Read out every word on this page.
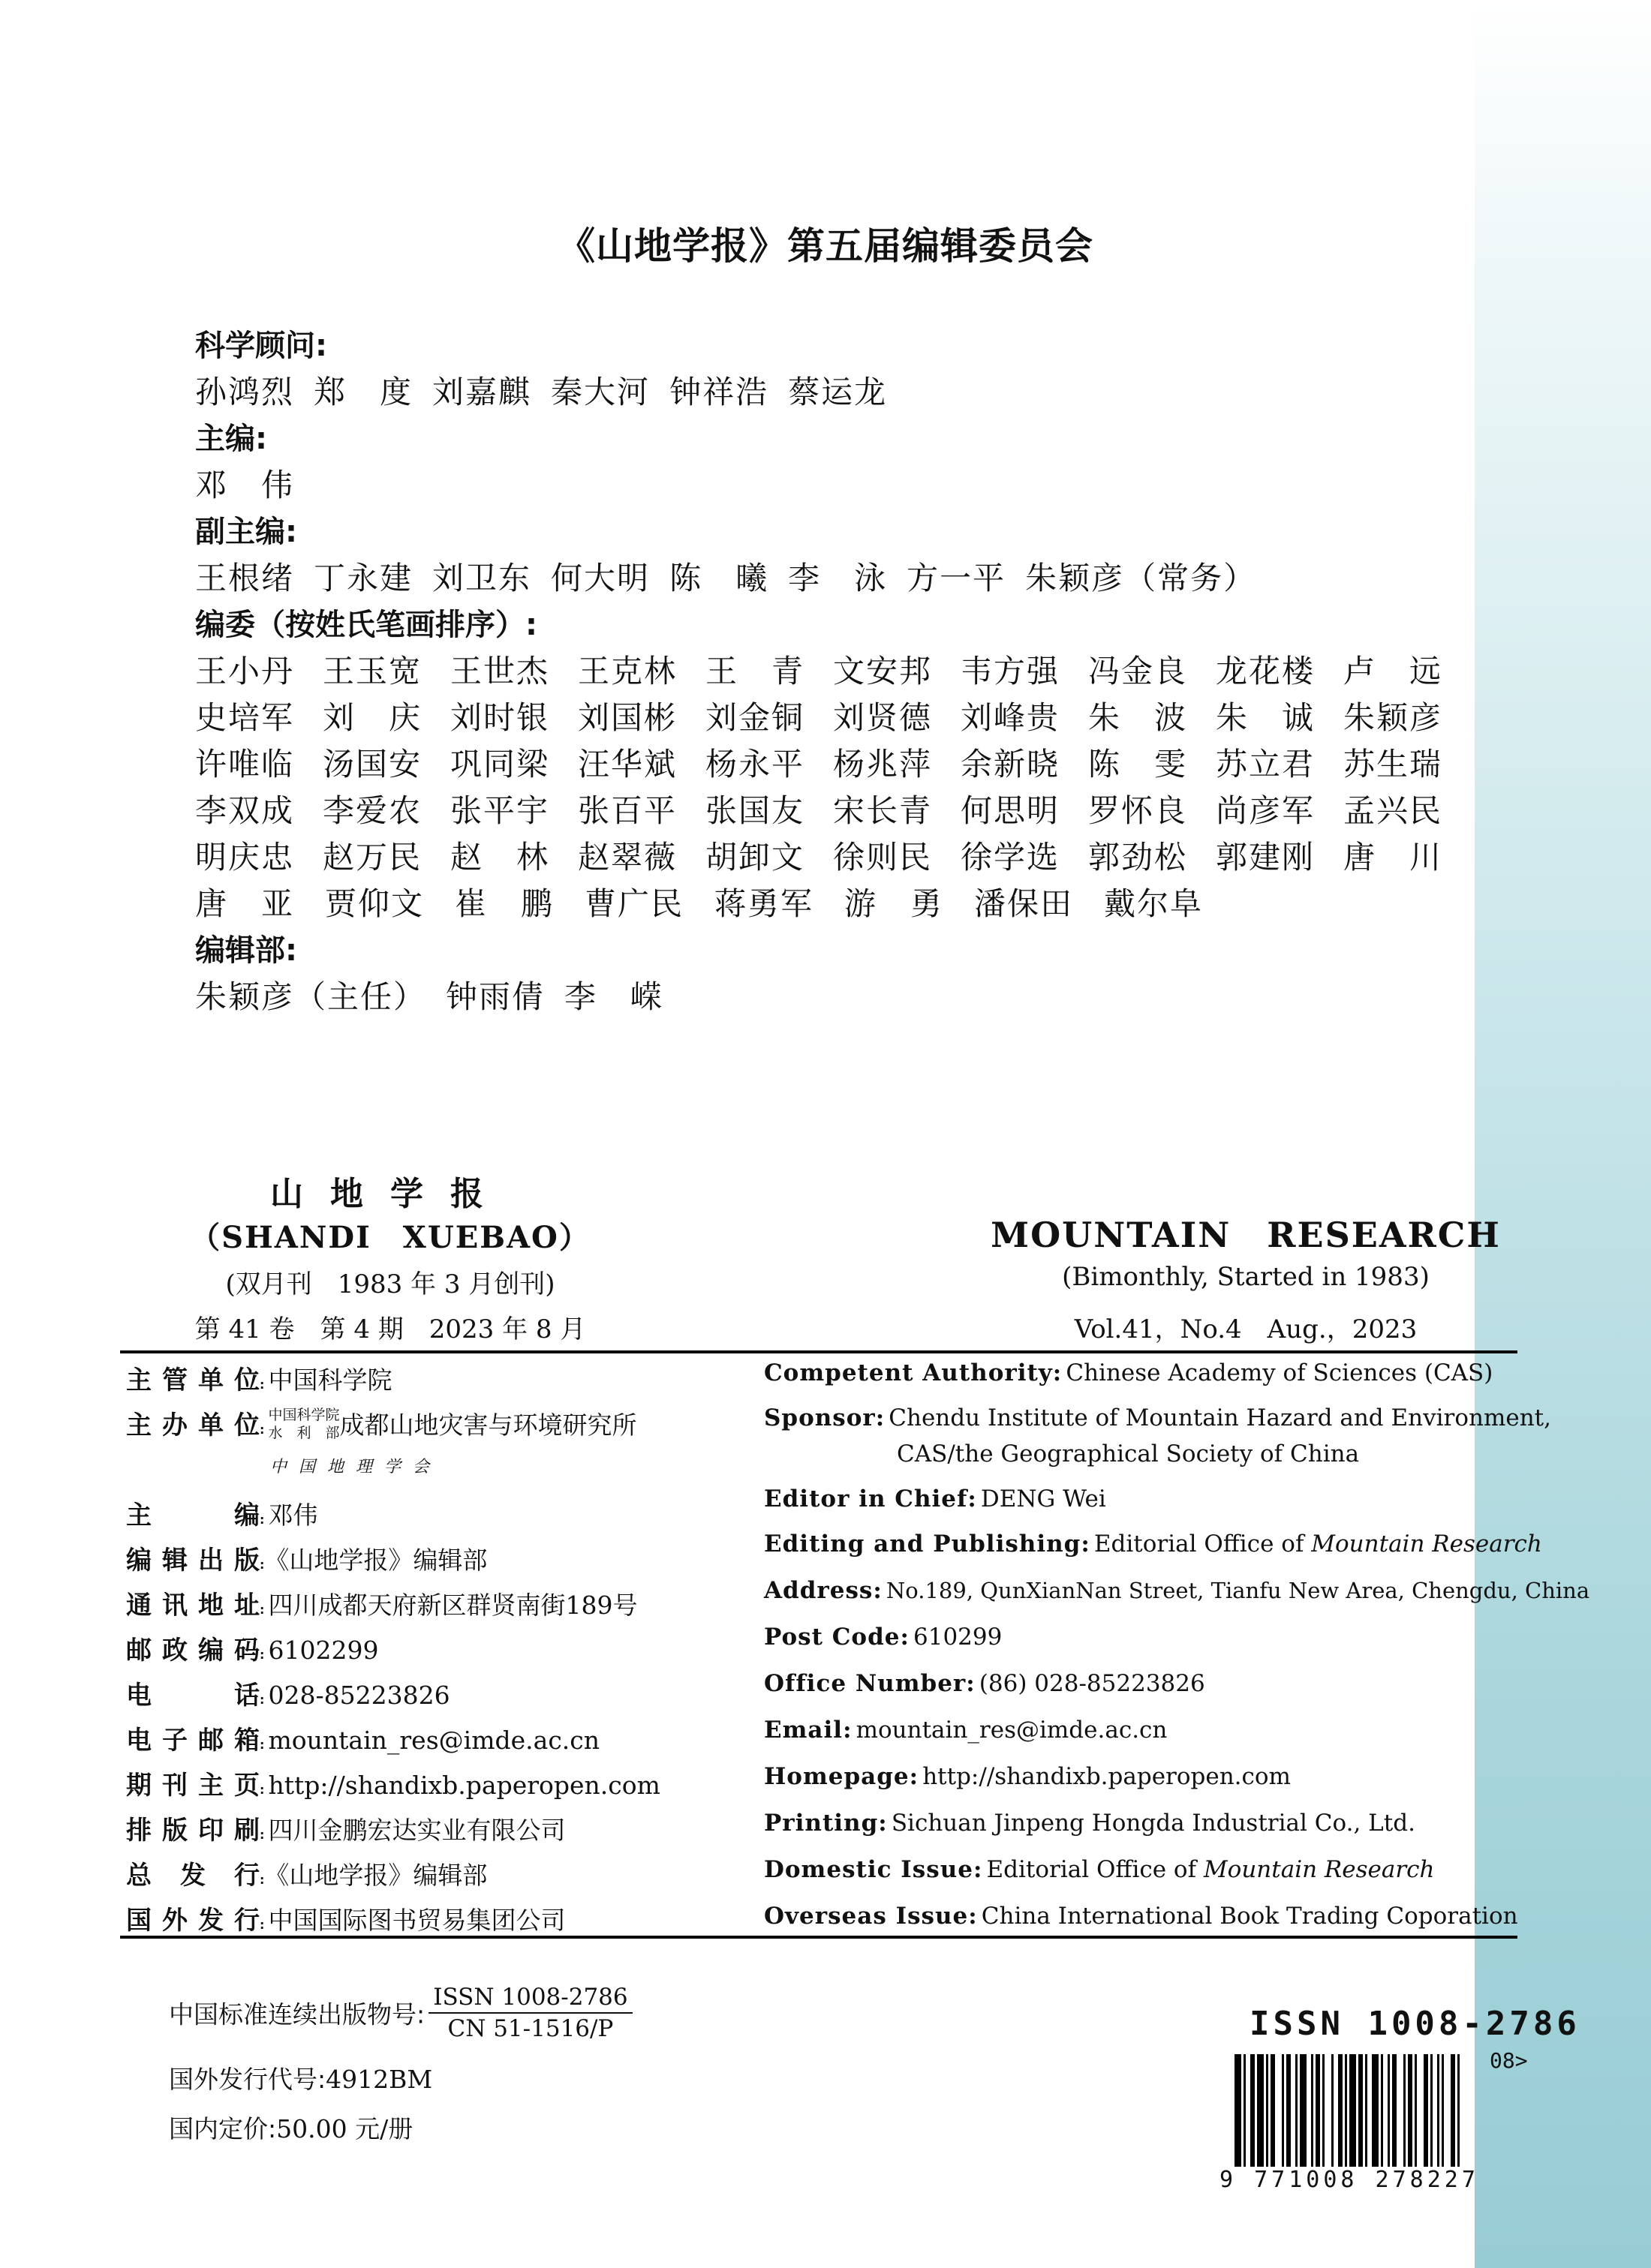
《山地学报》第五届编辑委员会
科学顾问:
孙鸿烈 郑　度 刘嘉麒 秦大河 钟祥浩 蔡运龙
主编:
邓　伟
副主编:
王根绪 丁永建 刘卫东 何大明 陈　曦 李　泳 方一平 朱颖彦（常务）
编委（按姓氏笔画排序）:
王小丹 王玉宽 王世杰 王克林 王　青 文安邦 韦方强 冯金良 龙花楼 卢　远
史培军 刘　庆 刘时银 刘国彬 刘金铜 刘贤德 刘峰贵 朱　波 朱　诚 朱颖彦
许唯临 汤国安 巩同梁 汪华斌 杨永平 杨兆萍 余新晓 陈　雯 苏立君 苏生瑞
李双成 李爱农 张平宇 张百平 张国友 宋长青 何思明 罗怀良 尚彦军 孟兴民
明庆忠 赵万民 赵　林 赵翠薇 胡卸文 徐则民 徐学选 郭劲松 郭建刚 唐　川
唐　亚 贾仰文 崔　鹏 曹广民 蒋勇军 游　勇 潘保田 戴尔阜
编辑部:
朱颖彦（主任） 钟雨倩 李　嵘
山地学报
（SHANDI　XUEBAO）
(双月刊　1983 年 3 月创刊)
第 41 卷　第 4 期　2023 年 8 月
MOUNTAIN　RESEARCH
(Bimonthly, Started in 1983)
Vol.41，No.4　Aug.，2023
主管单位: 中国科学院
主办单位: 中国科学院
水　利　部成都山地灾害与环境研究所
中国地理学会
主　　编: 邓伟
编辑出版:《山地学报》编辑部
通讯地址: 四川成都天府新区群贤南街189号
邮政编码: 6102299
电　　话: 028-85223826
电子邮箱: mountain_res@imde.ac.cn
期刊主页: http://shandixb.paperopen.com
排版印刷: 四川金鹏宏达实业有限公司
总 发 行:《山地学报》编辑部
国外发行: 中国国际图书贸易集团公司
Competent Authority: Chinese Academy of Sciences (CAS)
Sponsor: Chendu Institute of Mountain Hazard and Environment,
CAS/the Geographical Society of China
Editor in Chief: DENG Wei
Editing and Publishing: Editorial Office of Mountain Research
Address: No.189, QunXianNan Street, Tianfu New Area, Chengdu, China
Post Code: 610299
Office Number: (86) 028-85223826
Email: mountain_res@imde.ac.cn
Homepage: http://shandixb.paperopen.com
Printing: Sichuan Jinpeng Hongda Industrial Co., Ltd.
Domestic Issue: Editorial Office of Mountain Research
Overseas Issue: China International Book Trading Coporation
中国标准连续出版物号:
ISSN 1008-2786
CN 51-1516/P
国外发行代号:4912BM
国内定价:50.00 元/册
ISSN 1008-2786
08>
9 771008 278227
